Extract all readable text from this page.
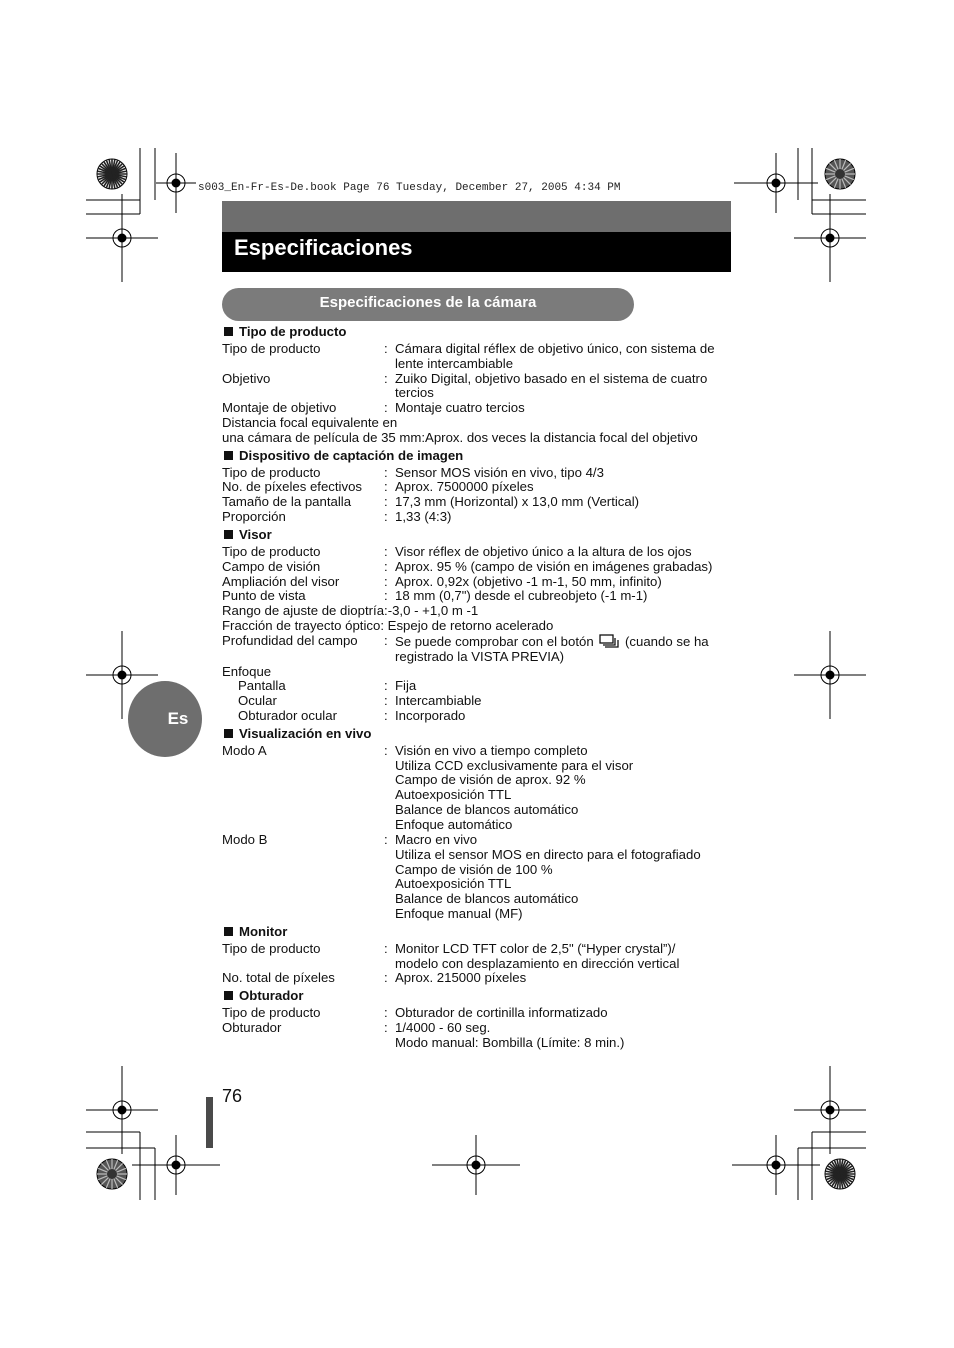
s003_En-Fr-Es-De.book Page 76 Tuesday, December 27, 2005 4:34 PM
Especificaciones
Especificaciones de la cámara
Es
76
Tipo de producto
Tipo de producto	: Cámara digital réflex de objetivo único, con sistema de
lente intercambiable
Objetivo	: Zuiko Digital, objetivo basado en el sistema de cuatro
tercios
Montaje de objetivo	: Montaje cuatro tercios
Distancia focal equivalente en
una cámara de película de 35 mm:Aprox. dos veces la distancia focal del objetivo
Dispositivo de captación de imagen
Tipo de producto	: Sensor MOS visión en vivo, tipo 4/3
No. de píxeles efectivos	: Aprox. 7500000 píxeles
Tamaño de la pantalla	: 17,3 mm (Horizontal) x 13,0 mm (Vertical)
Proporción	: 1,33 (4:3)
Visor
Tipo de producto	: Visor réflex de objetivo único a la altura de los ojos
Campo de visión	: Aprox. 95 % (campo de visión en imágenes grabadas)
Ampliación del visor	: Aprox. 0,92x (objetivo -1 m-1, 50 mm, infinito)
Punto de vista	: 18 mm (0,7") desde el cubreobjeto (-1 m-1)
Rango de ajuste de dioptría:-3,0 - +1,0 m -1
Fracción de trayecto óptico: Espejo de retorno acelerado
Profundidad del campo	: Se puede comprobar con el botón (cuando se ha
registrado la VISTA PREVIA)
Enfoque
Pantalla	: Fija
Ocular	: Intercambiable
Obturador ocular	: Incorporado
Visualización en vivo
Modo A	: Visión en vivo a tiempo completo
Utiliza CCD exclusivamente para el visor
Campo de visión de aprox. 92 %
Autoexposición TTL
Balance de blancos automático
Enfoque automático
Modo B	: Macro en vivo
Utiliza el sensor MOS en directo para el fotografiado
Campo de visión de 100 %
Autoexposición TTL
Balance de blancos automático
Enfoque manual (MF)
Monitor
Tipo de producto	: Monitor LCD TFT color de 2,5" (“Hyper crystal”)/
modelo con desplazamiento en dirección vertical
No. total de píxeles	: Aprox. 215000 píxeles
Obturador
Tipo de producto	: Obturador de cortinilla informatizado
Obturador	: 1/4000 - 60 seg.
Modo manual: Bombilla (Límite: 8 min.)
